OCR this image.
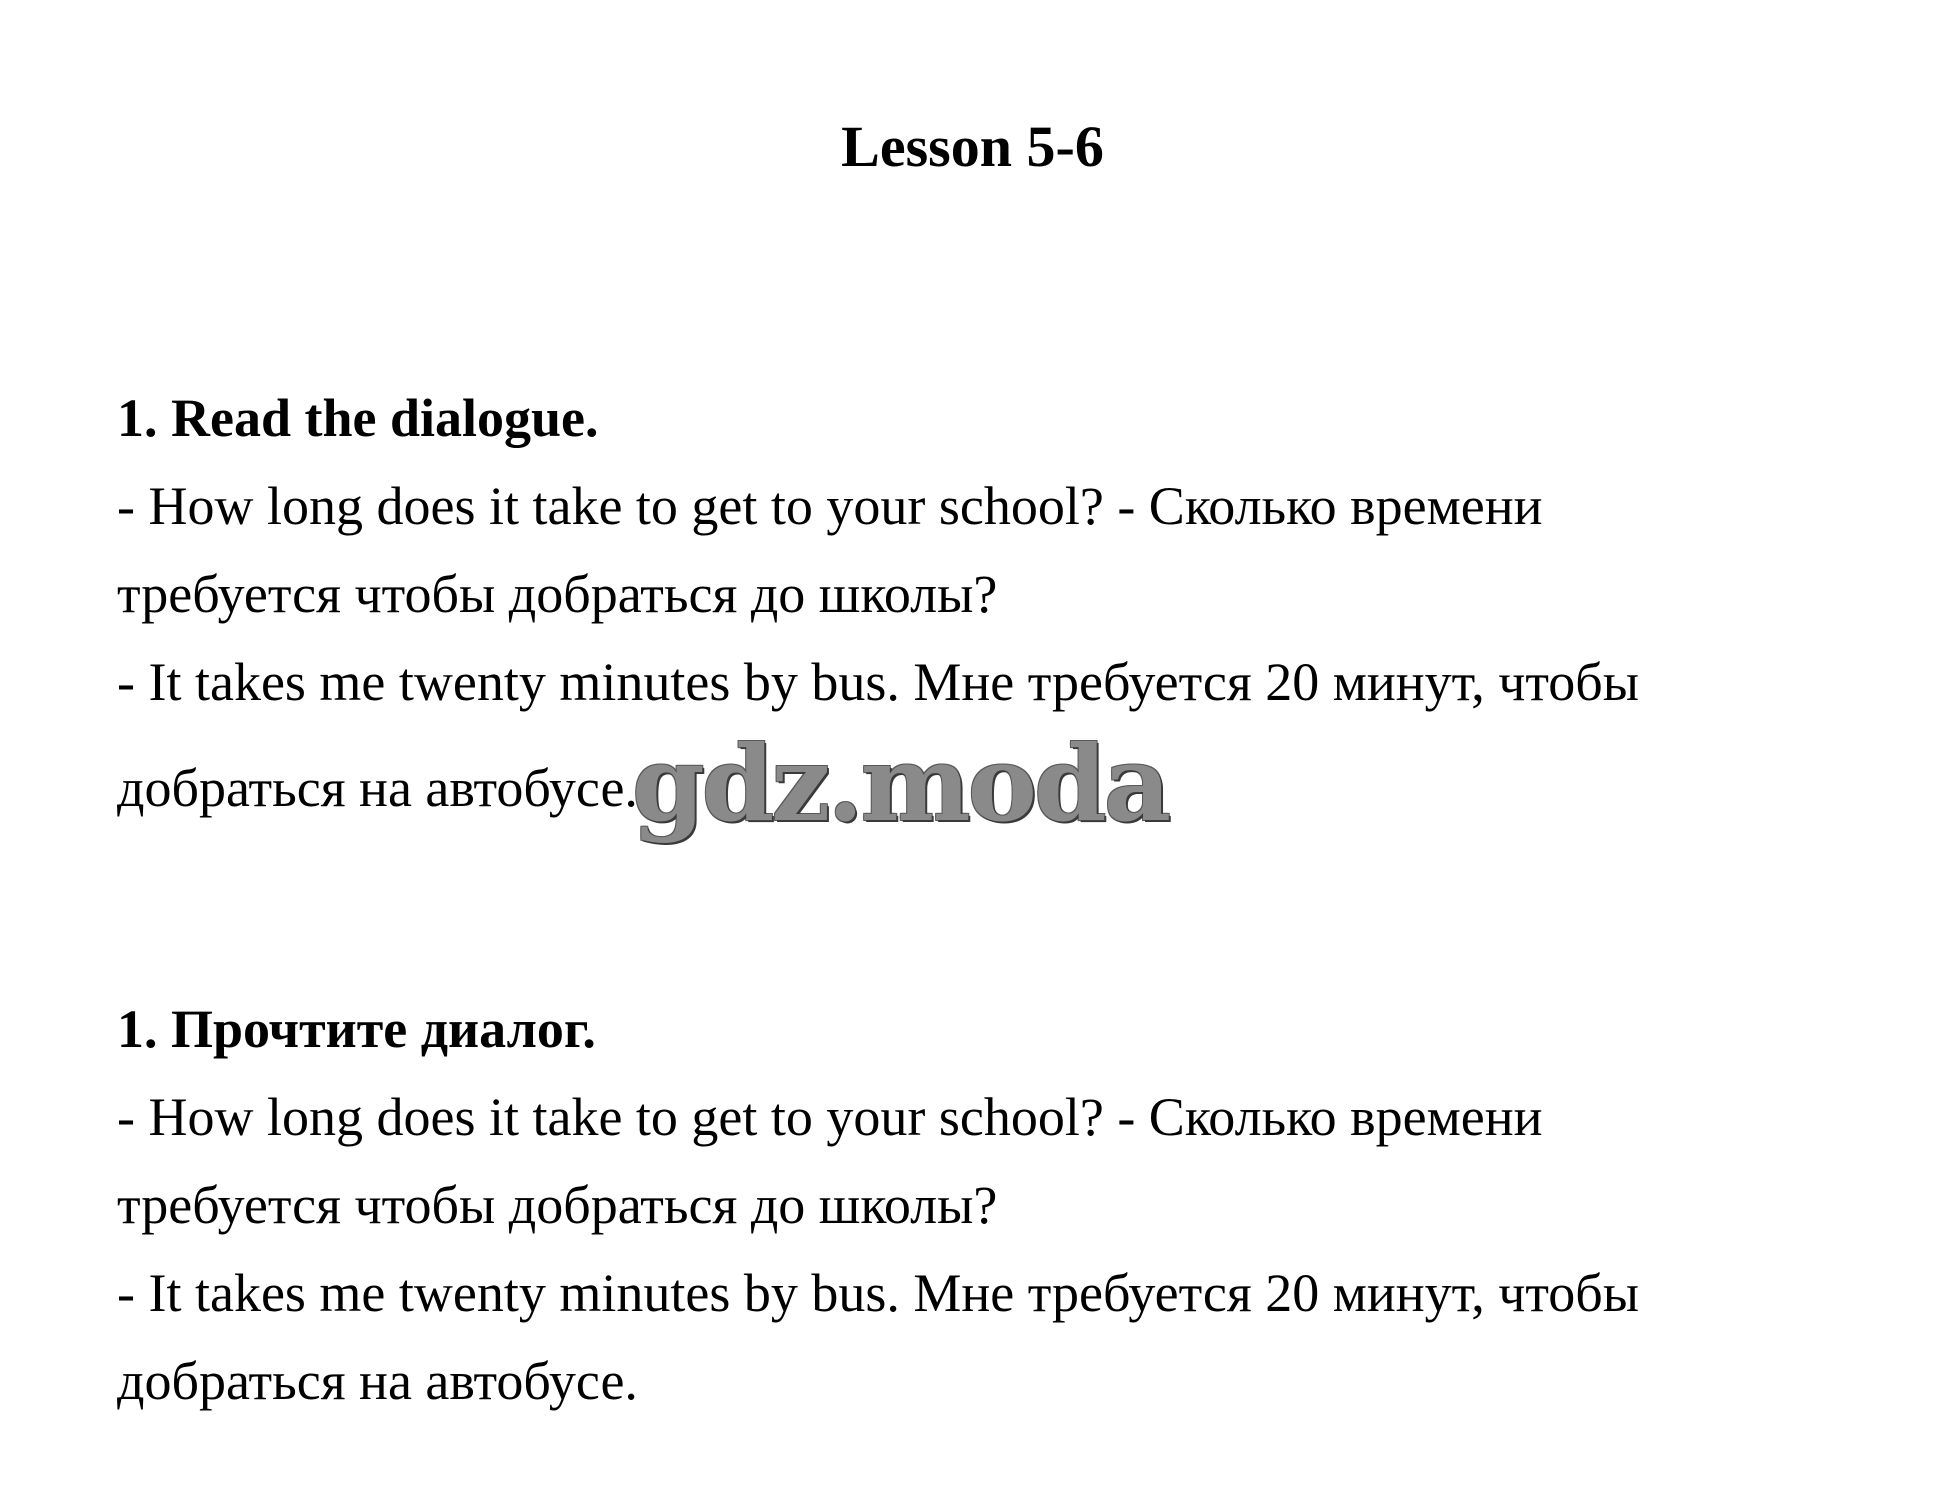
Lesson 5-6

1. Read the dialogue.

- How long does it take to get to your school? - Сколько времени

требуется чтобы добраться до школы?

- It takes me twenty minutes by bus. Мне требуется 20 минут, чтобы

добраться на автобусе.gdz.moda

1. Прочтите диалог.

- How long does it take to get to your school? - Сколько времени

требуется чтобы добраться до школы?

- It takes me twenty minutes by bus. Мне требуется 20 минут, чтобы

добраться на автобусе.
